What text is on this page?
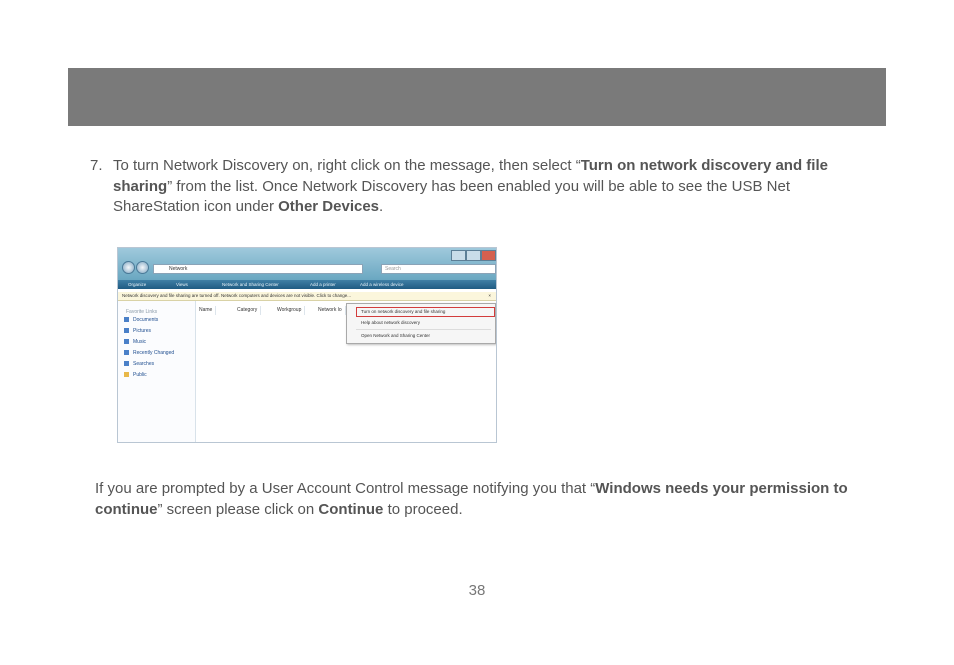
7. To turn Network Discovery on, right click on the message, then select “Turn on network discovery and file sharing” from the list. Once Network Discovery has been enabled you will be able to see the USB Net ShareStation icon under Other Devices.
Network	Search
Organize	Views	Network and Sharing Center	Add a printer	Add a wireless device
Network discovery and file sharing are turned off. Network computers and devices are not visible. Click to change...	×
Favorite Links
Documents
Pictures
Music
Recently Changed
Searches
Public
Name	Category	Workgroup	Network lo	Turn on network discovery and file sharing
Help about network discovery
Open Network and Sharing Center
If you are prompted by a User Account Control message notifying you that “Windows needs your permission to continue” screen please click on Continue to proceed.
38
